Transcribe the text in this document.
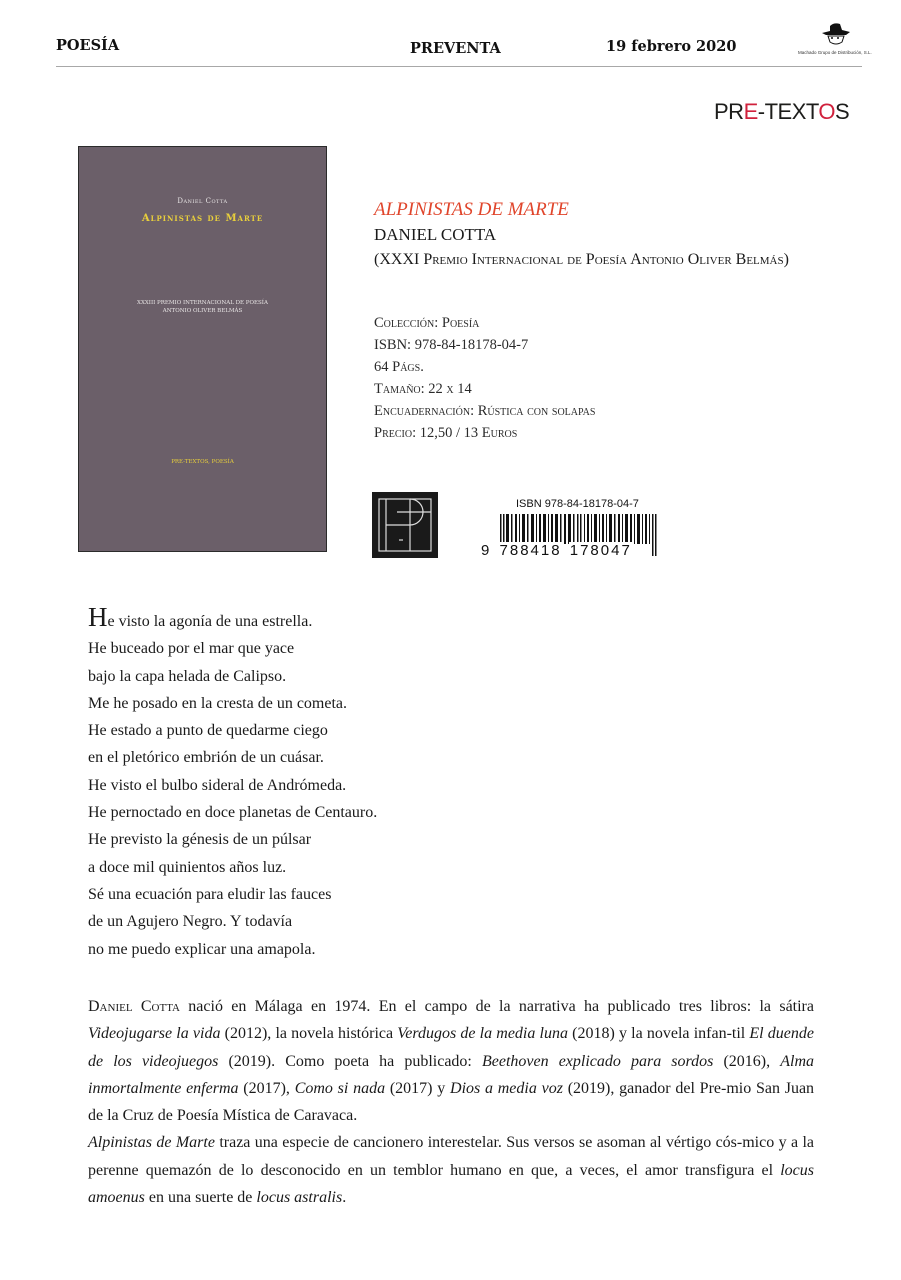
POESÍA	PREVENTA	19 febrero 2020	Machado Grupo de Distribución, S.L.
PRE-TEXTOS
Daniel Cotta
Alpinistas de Marte
XXXIII PREMIO INTERNACIONAL DE POESÍA
ANTONIO OLIVER BELMÁS
PRE-TEXTOS, POESÍA
ALPINISTAS DE MARTE
DANIEL COTTA
(XXXI Premio Internacional de Poesía Antonio Oliver Belmás)
Colección: Poesía
ISBN: 978-84-18178-04-7
64 Págs.
Tamaño: 22 x 14
Encuadernación: Rústica con solapas
Precio: 12,50 / 13 Euros
ISBN 978-84-18178-04-7
9 788418 178047
He visto la agonía de una estrella.
He buceado por el mar que yace
bajo la capa helada de Calipso.
Me he posado en la cresta de un cometa.
He estado a punto de quedarme ciego
en el pletórico embrión de un cuásar.
He visto el bulbo sideral de Andrómeda.
He pernoctado en doce planetas de Centauro.
He previsto la génesis de un púlsar
a doce mil quinientos años luz.
Sé una ecuación para eludir las fauces
de un Agujero Negro. Y todavía
no me puedo explicar una amapola.

Daniel Cotta nació en Málaga en 1974. En el campo de la narrativa ha publicado tres libros: la sátira Videojugarse la vida (2012), la novela histórica Verdugos de la media luna (2018) y la novela infan-til El duende de los videojuegos (2019). Como poeta ha publicado: Beethoven explicado para sordos (2016), Alma inmortalmente enferma (2017), Como si nada (2017) y Dios a media voz (2019), ganador del Pre-mio San Juan de la Cruz de Poesía Mística de Caravaca.

Alpinistas de Marte traza una especie de cancionero interestelar. Sus versos se asoman al vértigo cós-mico y a la perenne quemazón de lo desconocido en un temblor humano en que, a veces, el amor transfigura el locus amoenus en una suerte de locus astralis.
